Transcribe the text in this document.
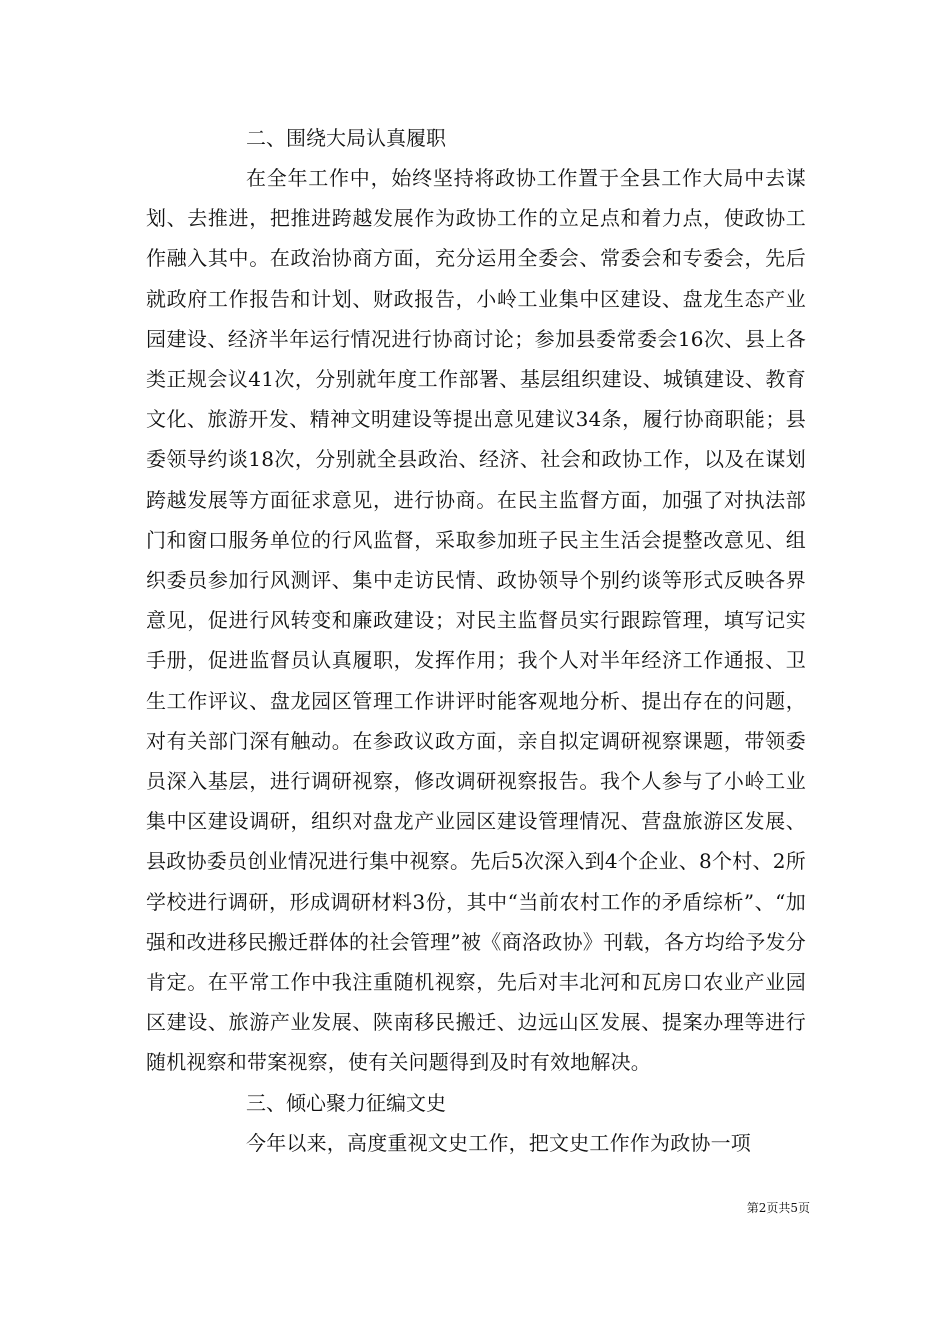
二、围绕大局认真履职

在全年工作中，始终坚持将政协工作置于全县工作大局中去谋划、去推进，把推进跨越发展作为政协工作的立足点和着力点，使政协工作融入其中。在政治协商方面，充分运用全委会、常委会和专委会，先后就政府工作报告和计划、财政报告，小岭工业集中区建设、盘龙生态产业园建设、经济半年运行情况进行协商讨论；参加县委常委会16次、县上各类正规会议41次，分别就年度工作部署、基层组织建设、城镇建设、教育文化、旅游开发、精神文明建设等提出意见建议34条，履行协商职能；县委领导约谈18次，分别就全县政治、经济、社会和政协工作，以及在谋划跨越发展等方面征求意见，进行协商。在民主监督方面，加强了对执法部门和窗口服务单位的行风监督，采取参加班子民主生活会提整改意见、组织委员参加行风测评、集中走访民情、政协领导个别约谈等形式反映各界意见，促进行风转变和廉政建设；对民主监督员实行跟踪管理，填写记实手册，促进监督员认真履职，发挥作用；我个人对半年经济工作通报、卫生工作评议、盘龙园区管理工作讲评时能客观地分析、提出存在的问题，对有关部门深有触动。在参政议政方面，亲自拟定调研视察课题，带领委员深入基层，进行调研视察，修改调研视察报告。我个人参与了小岭工业集中区建设调研，组织对盘龙产业园区建设管理情况、营盘旅游区发展、县政协委员创业情况进行集中视察。先后5次深入到4个企业、8个村、2所学校进行调研，形成调研材料3份，其中“当前农村工作的矛盾综析”、“加强和改进移民搬迁群体的社会管理”被《商洛政协》刊载，各方均给予发分肯定。在平常工作中我注重随机视察，先后对丰北河和瓦房口农业产业园区建设、旅游产业发展、陕南移民搬迁、边远山区发展、提案办理等进行随机视察和带案视察，使有关问题得到及时有效地解决。

三、倾心聚力征编文史

今年以来，高度重视文史工作，把文史工作作为政协一项

第2页共5页
